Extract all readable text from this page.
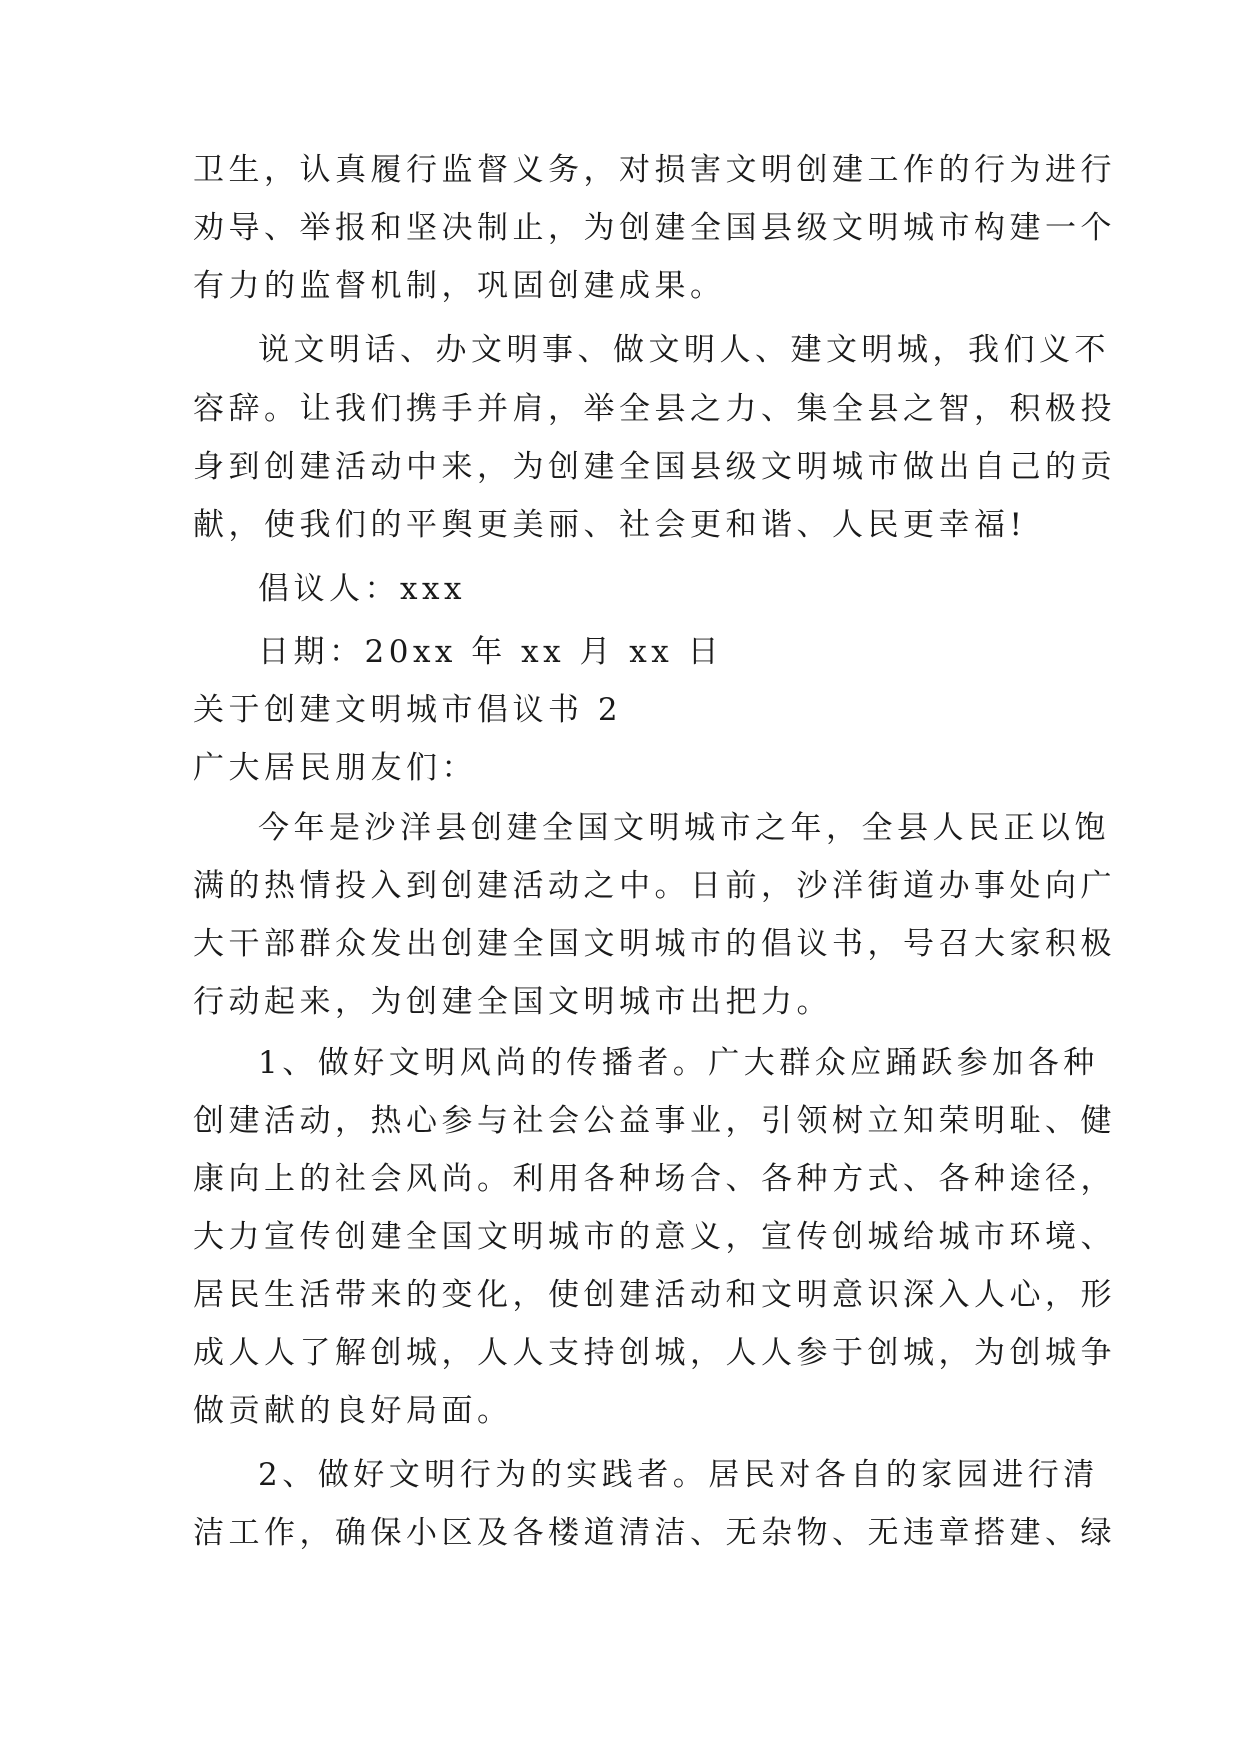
卫生，认真履行监督义务，对损害文明创建工作的行为进行
劝导、举报和坚决制止，为创建全国县级文明城市构建一个
有力的监督机制，巩固创建成果。
说文明话、办文明事、做文明人、建文明城，我们义不
容辞。让我们携手并肩，举全县之力、集全县之智，积极投
身到创建活动中来，为创建全国县级文明城市做出自己的贡
献，使我们的平舆更美丽、社会更和谐、人民更幸福!
倡议人：xxx
日期：20xx 年 xx 月 xx 日
关于创建文明城市倡议书 2
广大居民朋友们：
今年是沙洋县创建全国文明城市之年，全县人民正以饱
满的热情投入到创建活动之中。日前，沙洋街道办事处向广
大干部群众发出创建全国文明城市的倡议书，号召大家积极
行动起来，为创建全国文明城市出把力。
1、做好文明风尚的传播者。广大群众应踊跃参加各种
创建活动，热心参与社会公益事业，引领树立知荣明耻、健
康向上的社会风尚。利用各种场合、各种方式、各种途径，
大力宣传创建全国文明城市的意义，宣传创城给城市环境、
居民生活带来的变化，使创建活动和文明意识深入人心，形
成人人了解创城，人人支持创城，人人参于创城，为创城争
做贡献的良好局面。
2、做好文明行为的实践者。居民对各自的家园进行清
洁工作，确保小区及各楼道清洁、无杂物、无违章搭建、绿
